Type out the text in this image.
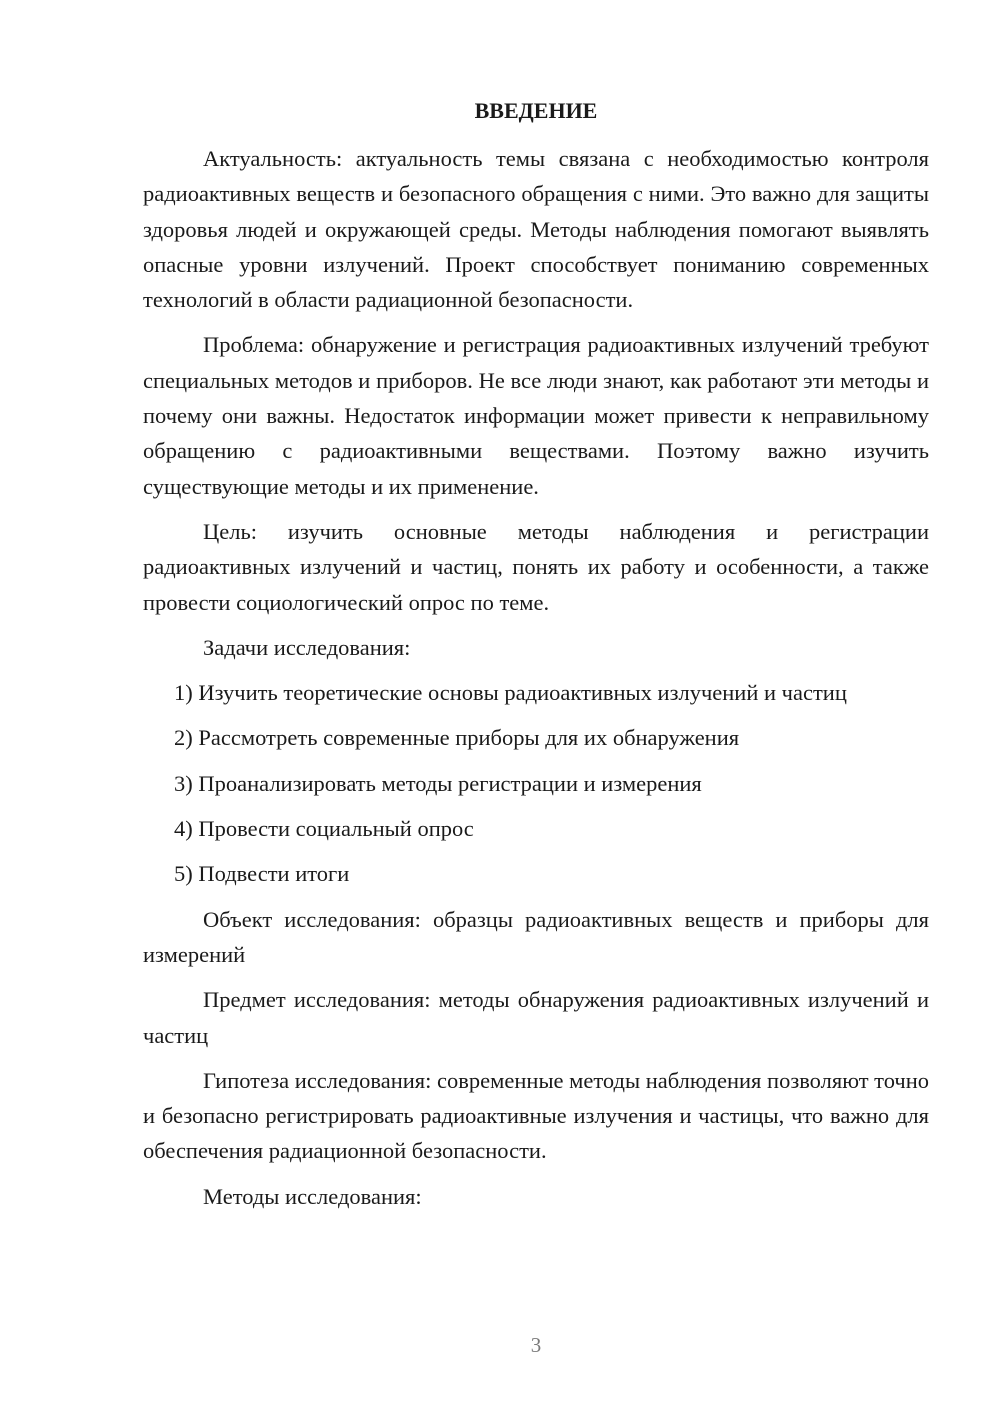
ВВЕДЕНИЕ

Актуальность: актуальность темы связана с необходимостью контроля радиоактивных веществ и безопасного обращения с ними. Это важно для защиты здоровья людей и окружающей среды. Методы наблюдения помогают выявлять опасные уровни излучений. Проект способствует пониманию современных технологий в области радиационной безопасности.

Проблема: обнаружение и регистрация радиоактивных излучений требуют специальных методов и приборов. Не все люди знают, как работают эти методы и почему они важны. Недостаток информации может привести к неправильному обращению с радиоактивными веществами. Поэтому важно изучить существующие методы и их применение.

Цель: изучить основные методы наблюдения и регистрации радиоактивных излучений и частиц, понять их работу и особенности, а также провести социологический опрос по теме.

Задачи исследования:

1) Изучить теоретические основы радиоактивных излучений и частиц

2) Рассмотреть современные приборы для их обнаружения

3) Проанализировать методы регистрации и измерения

4) Провести социальный опрос

5) Подвести итоги

Объект исследования: образцы радиоактивных веществ и приборы для измерений

Предмет исследования: методы обнаружения радиоактивных излучений и частиц

Гипотеза исследования: современные методы наблюдения позволяют точно и безопасно регистрировать радиоактивные излучения и частицы, что важно для обеспечения радиационной безопасности.

Методы исследования:

3
